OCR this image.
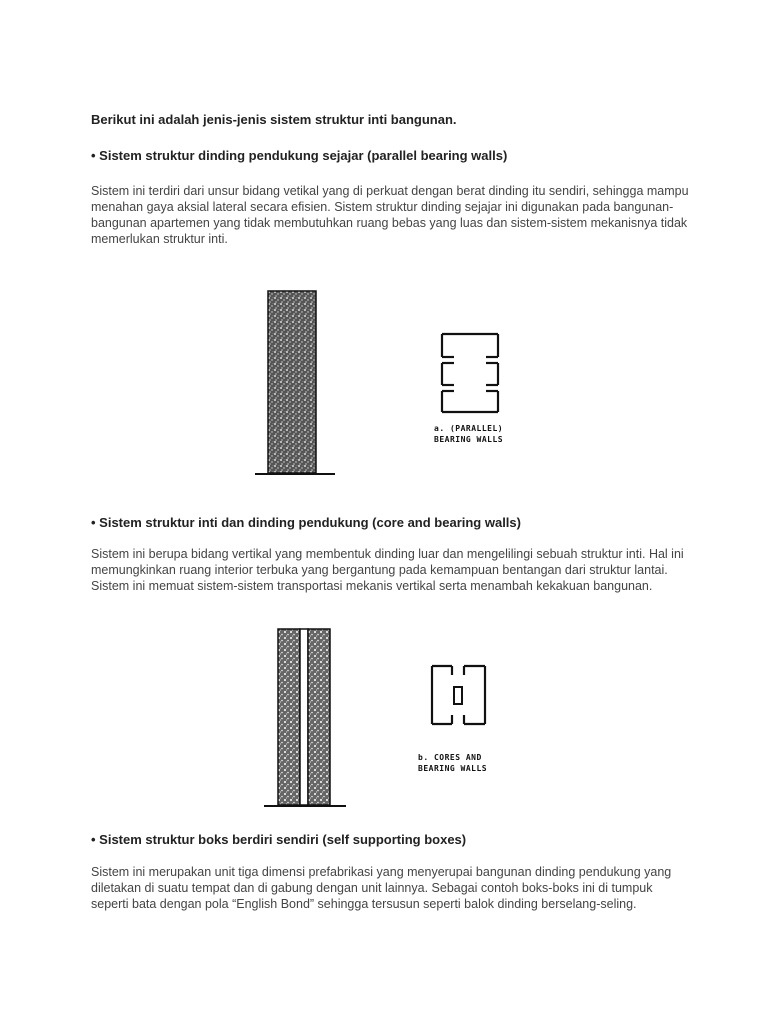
Berikut ini adalah jenis-jenis sistem struktur inti bangunan.
• Sistem struktur dinding pendukung sejajar (parallel bearing walls)
Sistem ini terdiri dari unsur bidang vetikal yang di perkuat dengan berat dinding itu sendiri, sehingga mampu menahan gaya aksial lateral secara efisien. Sistem struktur dinding sejajar ini digunakan pada bangunan-bangunan apartemen yang tidak membutuhkan ruang bebas yang luas dan sistem-sistem mekanisnya tidak memerlukan struktur inti.
a. (PARALLEL)
BEARING WALLS
• Sistem struktur inti dan dinding pendukung (core and bearing walls)
Sistem ini berupa bidang vertikal yang membentuk dinding luar dan mengelilingi sebuah struktur inti. Hal ini memungkinkan ruang interior terbuka yang bergantung pada kemampuan bentangan dari struktur lantai. Sistem ini memuat sistem-sistem transportasi mekanis vertikal serta menambah kekakuan bangunan.
b. CORES AND
BEARING WALLS
• Sistem struktur boks berdiri sendiri (self supporting boxes)
Sistem ini merupakan unit tiga dimensi prefabrikasi yang menyerupai bangunan dinding pendukung yang diletakan di suatu tempat dan di gabung dengan unit lainnya. Sebagai contoh boks-boks ini di tumpuk seperti bata dengan pola “English Bond” sehingga tersusun seperti balok dinding berselang-seling.
